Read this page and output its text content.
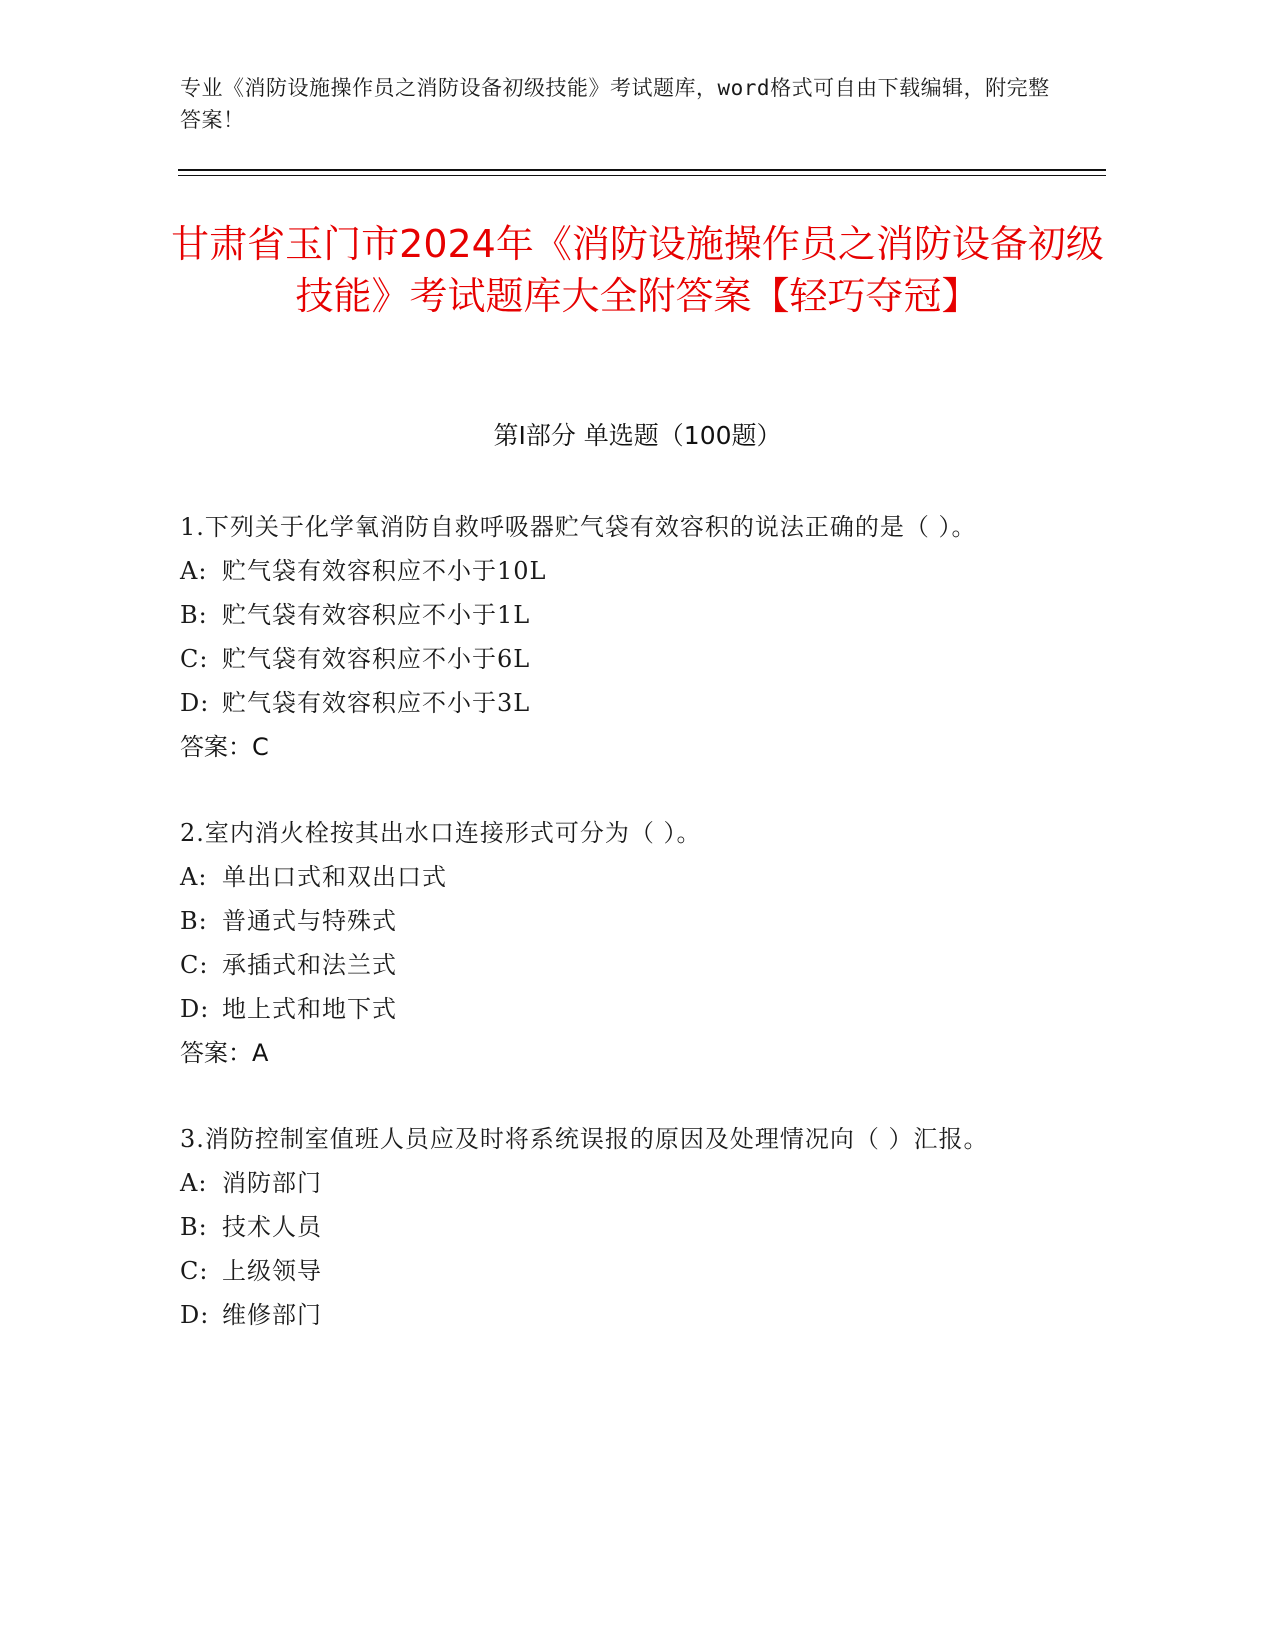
专业《消防设施操作员之消防设备初级技能》考试题库，word格式可自由下载编辑，附完整答案！
甘肃省玉门市2024年《消防设施操作员之消防设备初级技能》考试题库大全附答案【轻巧夺冠】
第I部分 单选题（100题）
1.下列关于化学氧消防自救呼吸器贮气袋有效容积的说法正确的是（ ）。
A: 贮气袋有效容积应不小于10L
B: 贮气袋有效容积应不小于1L
C: 贮气袋有效容积应不小于6L
D: 贮气袋有效容积应不小于3L
答案：C
2.室内消火栓按其出水口连接形式可分为（ ）。
A: 单出口式和双出口式
B: 普通式与特殊式
C: 承插式和法兰式
D: 地上式和地下式
答案：A
3.消防控制室值班人员应及时将系统误报的原因及处理情况向（ ）汇报。
A: 消防部门
B: 技术人员
C: 上级领导
D: 维修部门
